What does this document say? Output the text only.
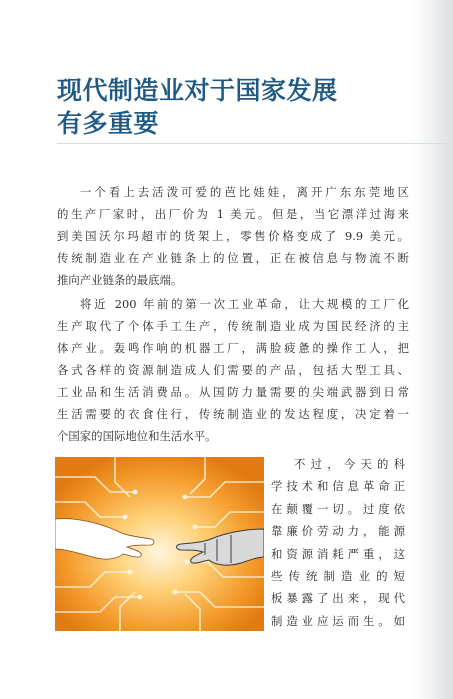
现代制造业对于国家发展
有多重要
一个看上去活泼可爱的芭比娃娃，离开广东东莞地区
的生产厂家时，出厂价为 1 美元。但是，当它漂洋过海来
到美国沃尔玛超市的货架上，零售价格变成了 9.9 美元。
传统制造业在产业链条上的位置，正在被信息与物流不断
推向产业链条的最底端。
将近 200 年前的第一次工业革命，让大规模的工厂化
生产取代了个体手工生产，传统制造业成为国民经济的主
体产业。轰鸣作响的机器工厂，满脸疲惫的操作工人，把
各式各样的资源制造成人们需要的产品，包括大型工具、
工业品和生活消费品。从国防力量需要的尖端武器到日常
生活需要的衣食住行，传统制造业的发达程度，决定着一
个国家的国际地位和生活水平。
不过，今天的科
学技术和信息革命正
在颠覆一切。过度依
靠廉价劳动力，能源
和资源消耗严重，这
些传统制造业的短
板暴露了出来，现代
制造业应运而生。如
